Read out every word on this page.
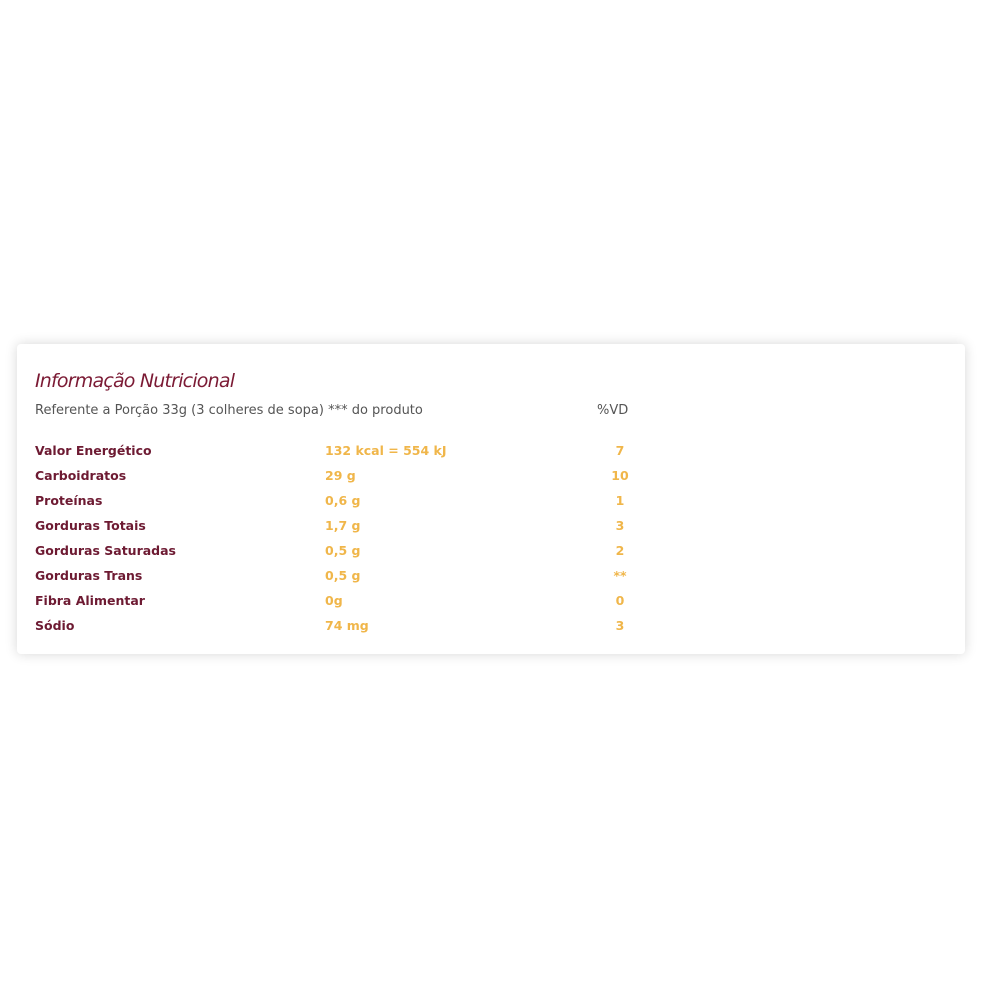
Informação Nutricional
Referente a Porção 33g (3 colheres de sopa) *** do produto	%VD
Valor Energético	132 kcal = 554 kJ	7
Carboidratos	29 g	10
Proteínas	0,6 g	1
Gorduras Totais	1,7 g	3
Gorduras Saturadas	0,5 g	2
Gorduras Trans	0,5 g	**
Fibra Alimentar	0g	0
Sódio	74 mg	3
